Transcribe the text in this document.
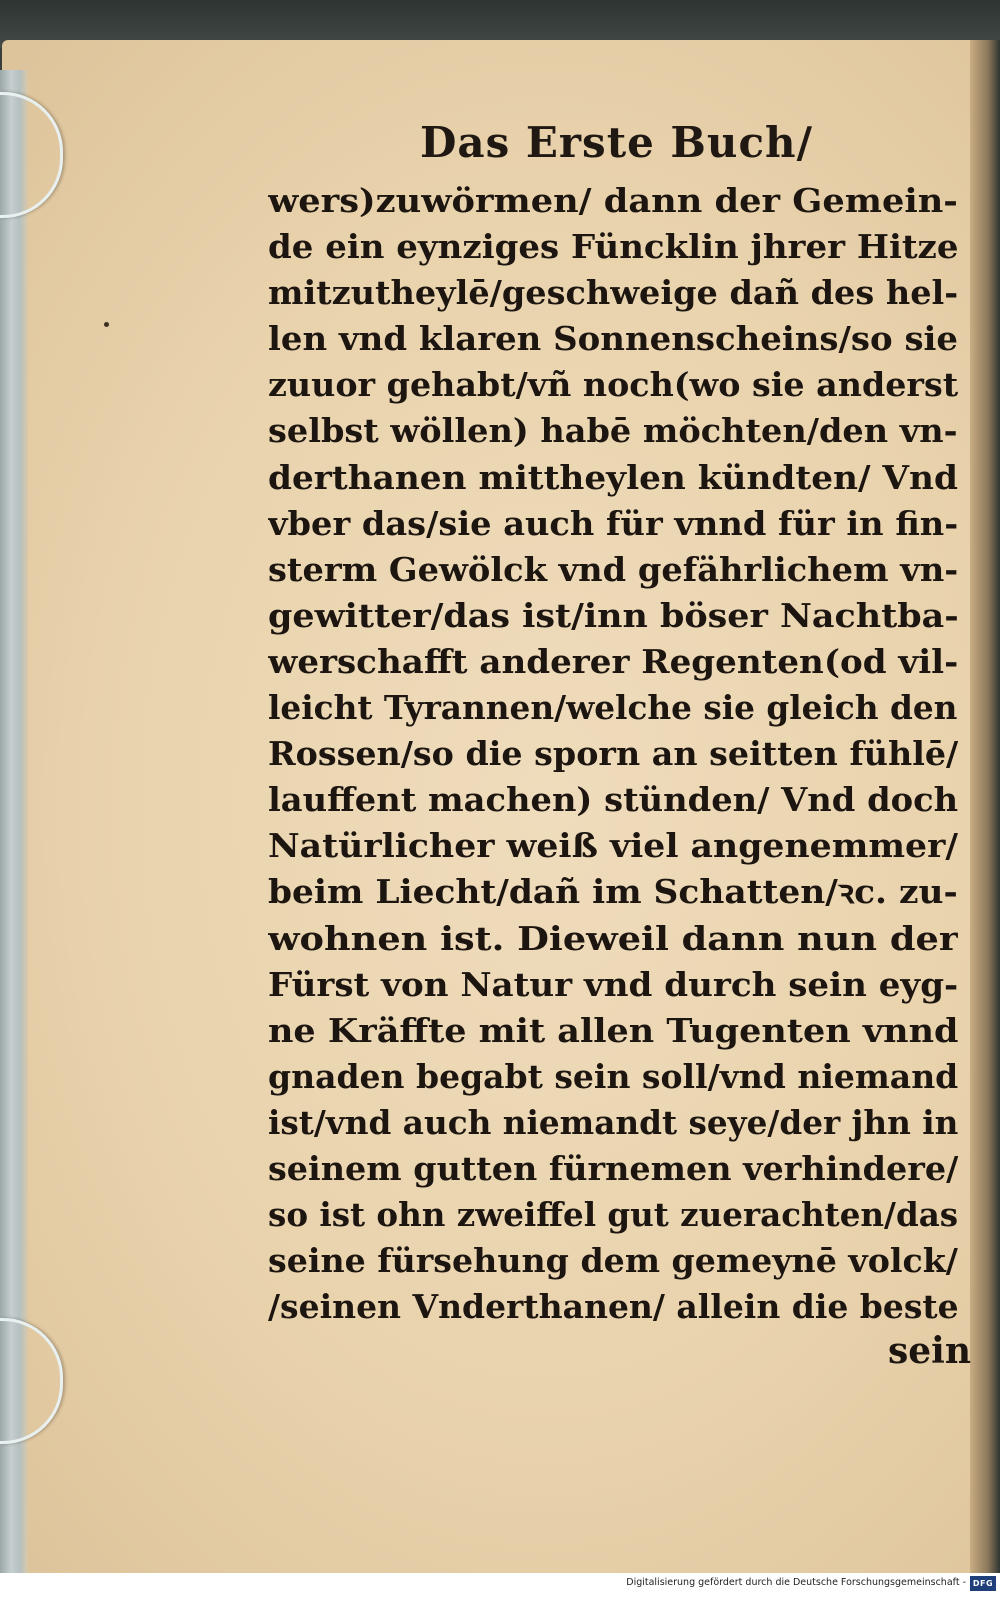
Das Erste Buch/
wers)zuwörmen/ dann der Gemein-
de ein eynziges Füncklin jhrer Hitze
mitzutheylē/geschweige dañ des hel-
len vnd klaren Sonnenscheins/so sie
zuuor gehabt/vñ noch(wo sie anderst
selbst wöllen) habē möchten/den vn-
derthanen mittheylen kündten/ Vnd
vber das/sie auch für vnnd für in fin-
sterm Gewölck vnd gefährlichem vn-
gewitter/das ist/inn böser Nachtba-
werschafft anderer Regenten(od vil-
leicht Tyrannen/welche sie gleich den
Rossen/so die sporn an seitten fühlē/
lauffent machen) stünden/ Vnd doch
Natürlicher weiß viel angenemmer/
beim Liecht/dañ im Schatten/ꝛc. zu-
wohnen ist. Dieweil dann nun der
Fürst von Natur vnd durch sein eyg-
ne Kräffte mit allen Tugenten vnnd
gnaden begabt sein soll/vnd niemand
ist/vnd auch niemandt seye/der jhn in
seinem gutten fürnemen verhindere/
so ist ohn zweiffel gut zuerachten/das
seine fürsehung dem gemeynē volck/
/seinen Vnderthanen/ allein die beste
sein
Digitalisierung gefördert durch die Deutsche Forschungsgemeinschaft - DFG
